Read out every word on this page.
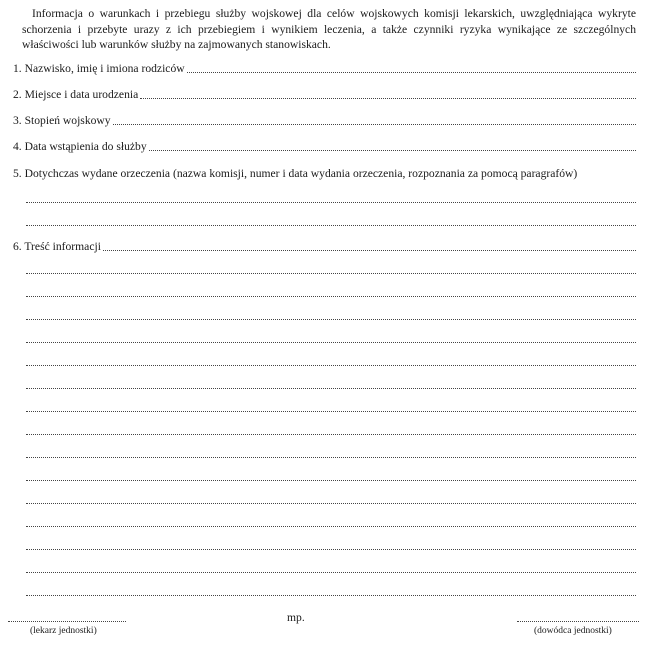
Informacja o warunkach i przebiegu służby wojskowej dla celów wojskowych komisji lekarskich, uwzględniająca wykryte schorzenia i przebyte urazy z ich przebiegiem i wynikiem leczenia, a także czynniki ryzyka wynikające ze szczególnych właściwości lub warunków służby na zajmowanych stanowiskach.

1. Nazwisko, imię i imiona rodziców
2. Miejsce i data urodzenia
3. Stopień wojskowy
4. Data wstąpienia do służby
5. Dotychczas wydane orzeczenia (nazwa komisji, numer i data wydania orzeczenia, rozpoznania za pomocą paragrafów)
6. Treść informacji
(lekarz jednostki)
mp.
(dowódca jednostki)
